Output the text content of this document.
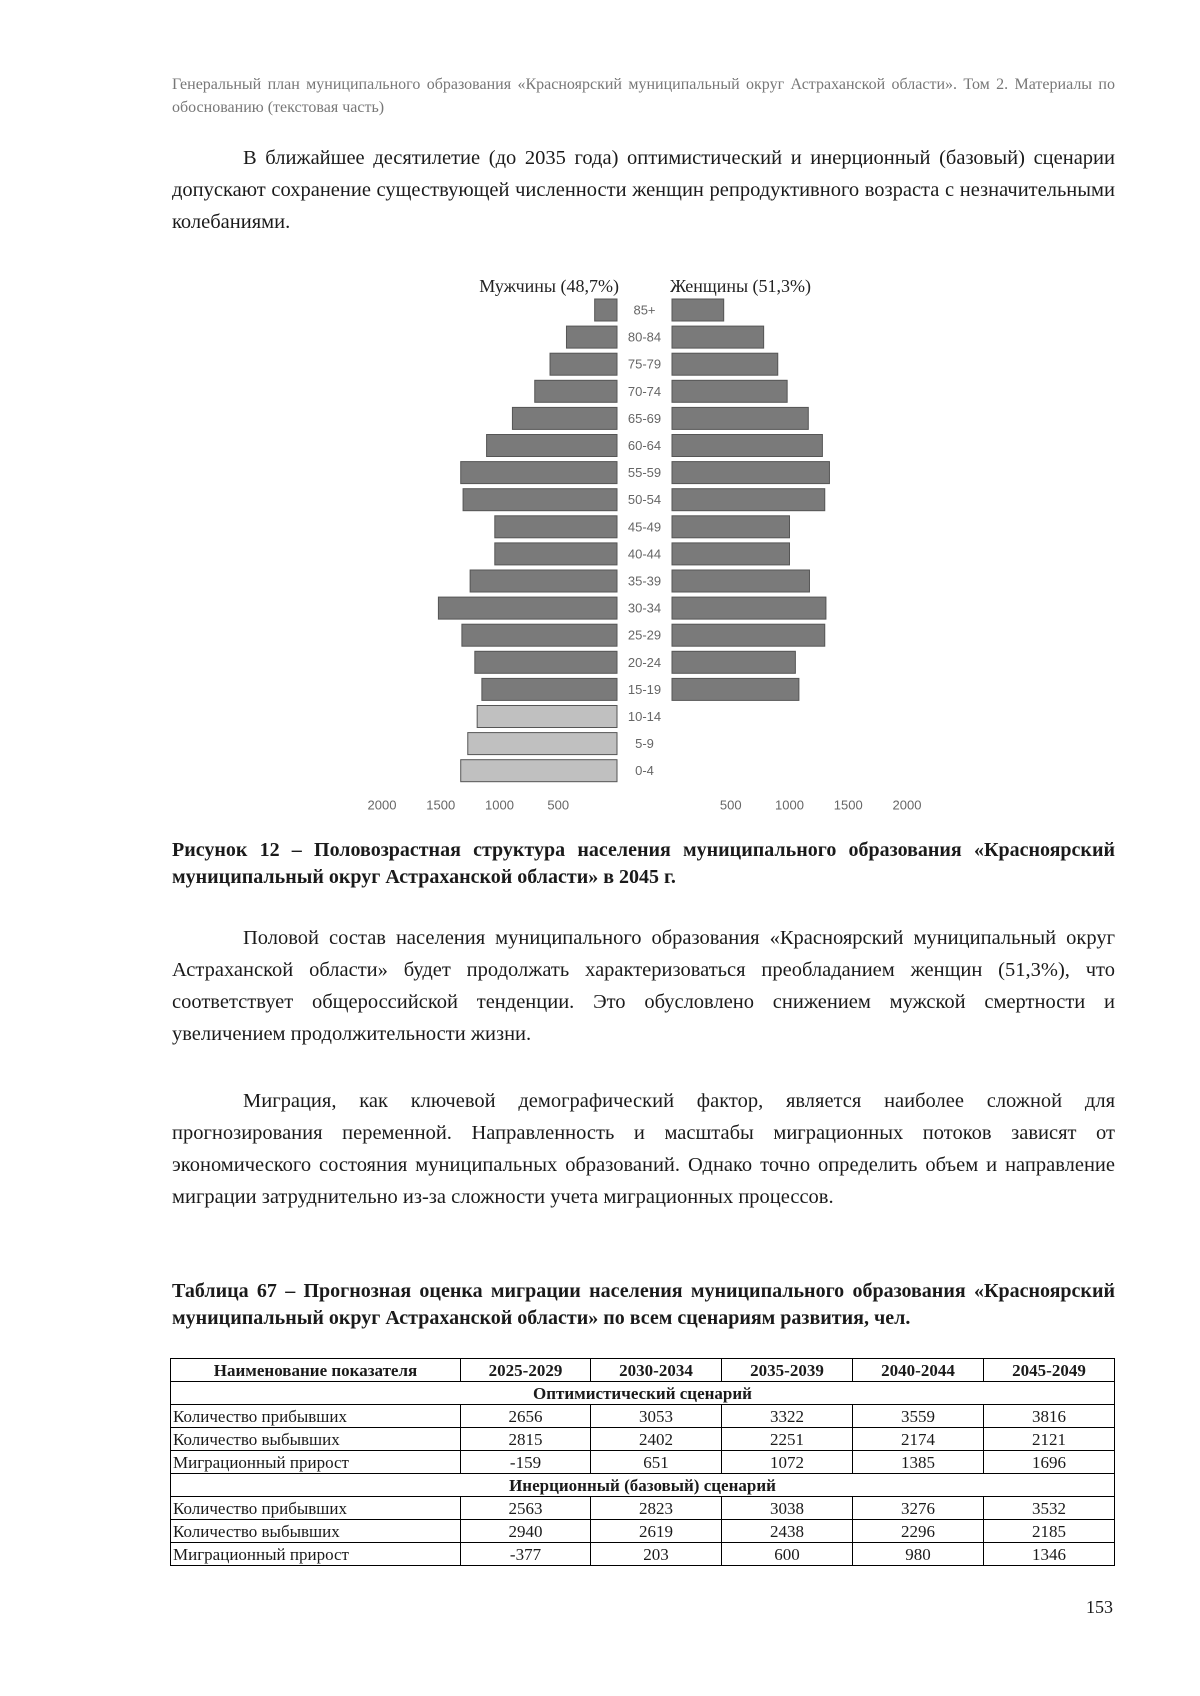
Генеральный план муниципального образования «Красноярский муниципальный округ Астраханской области». Том 2. Материалы по обоснованию (текстовая часть)

В ближайшее десятилетие (до 2035 года) оптимистический и инерционный (базовый) сценарии допускают сохранение существующей численности женщин репродуктивного возраста с незначительными колебаниями.

Мужчины (48,7%)	Женщины (51,3%)
85+
80-84
75-79
70-74
65-69
60-64
55-59
50-54
45-49
40-44
35-39
30-34
25-29
20-24
15-19
10-14
5-9
0-4
2000 1500 1000	500	500	1000 1500 2000
Рисунок 12 – Половозрастная структура населения муниципального образования «Красноярский муниципальный округ Астраханской области» в 2045 г.

Половой состав населения муниципального образования «Красноярский муниципальный округ Астраханской области» будет продолжать характеризоваться преобладанием женщин (51,3%), что соответствует общероссийской тенденции. Это обусловлено снижением мужской смертности и увеличением продолжительности жизни.

Миграция, как ключевой демографический фактор, является наиболее сложной для прогнозирования переменной. Направленность и масштабы миграционных потоков зависят от экономического состояния муниципальных образований. Однако точно определить объем и направление миграции затруднительно из-за сложности учета миграционных процессов.

Таблица 67 – Прогнозная оценка миграции населения муниципального образования «Красноярский муниципальный округ Астраханской области» по всем сценариям развития, чел.
Наименование показателя	2025-2029	2030-2034	2035-2039	2040-2044	2045-2049
Оптимистический сценарий					
Количество прибывших	2656	3053	3322	3559	3816
Количество выбывших	2815	2402	2251	2174	2121
Миграционный прирост	-159	651	1072	1385	1696
Инерционный (базовый) сценарий					
Количество прибывших	2563	2823	3038	3276	3532
Количество выбывших	2940	2619	2438	2296	2185
Миграционный прирост	-377	203	600	980	1346
153
